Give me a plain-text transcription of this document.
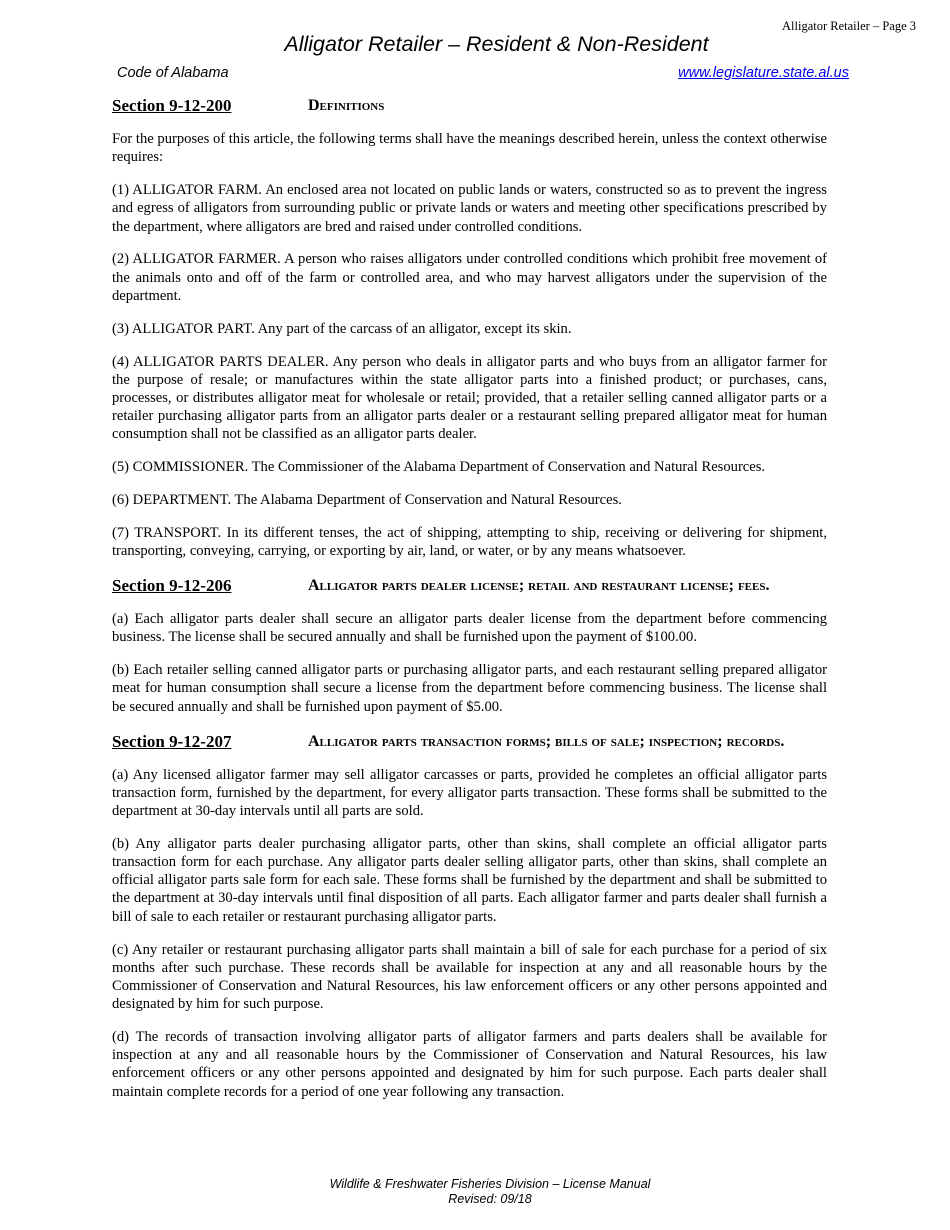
Alligator Retailer – Page 3
Alligator Retailer – Resident & Non-Resident
Code of Alabama	www.legislature.state.al.us
Section 9-12-200	Definitions

For the purposes of this article, the following terms shall have the meanings described herein, unless the context otherwise requires:

(1) ALLIGATOR FARM. An enclosed area not located on public lands or waters, constructed so as to prevent the ingress and egress of alligators from surrounding public or private lands or waters and meeting other specifications prescribed by the department, where alligators are bred and raised under controlled conditions.

(2) ALLIGATOR FARMER. A person who raises alligators under controlled conditions which prohibit free movement of the animals onto and off of the farm or controlled area, and who may harvest alligators under the supervision of the department.

(3) ALLIGATOR PART. Any part of the carcass of an alligator, except its skin.

(4) ALLIGATOR PARTS DEALER. Any person who deals in alligator parts and who buys from an alligator farmer for the purpose of resale; or manufactures within the state alligator parts into a finished product; or purchases, cans, processes, or distributes alligator meat for wholesale or retail; provided, that a retailer selling canned alligator parts or a retailer purchasing alligator parts from an alligator parts dealer or a restaurant selling prepared alligator meat for human consumption shall not be classified as an alligator parts dealer.

(5) COMMISSIONER. The Commissioner of the Alabama Department of Conservation and Natural Resources.

(6) DEPARTMENT. The Alabama Department of Conservation and Natural Resources.

(7) TRANSPORT. In its different tenses, the act of shipping, attempting to ship, receiving or delivering for shipment, transporting, conveying, carrying, or exporting by air, land, or water, or by any means whatsoever.

Section 9-12-206	Alligator parts dealer license; retail and restaurant license; fees.

(a) Each alligator parts dealer shall secure an alligator parts dealer license from the department before commencing business. The license shall be secured annually and shall be furnished upon the payment of $100.00.

(b) Each retailer selling canned alligator parts or purchasing alligator parts, and each restaurant selling prepared alligator meat for human consumption shall secure a license from the department before commencing business. The license shall be secured annually and shall be furnished upon payment of $5.00.

Section 9-12-207	Alligator parts transaction forms; bills of sale; inspection; records.

(a) Any licensed alligator farmer may sell alligator carcasses or parts, provided he completes an official alligator parts transaction form, furnished by the department, for every alligator parts transaction. These forms shall be submitted to the department at 30-day intervals until all parts are sold.

(b) Any alligator parts dealer purchasing alligator parts, other than skins, shall complete an official alligator parts transaction form for each purchase. Any alligator parts dealer selling alligator parts, other than skins, shall complete an official alligator parts sale form for each sale. These forms shall be furnished by the department and shall be submitted to the department at 30-day intervals until final disposition of all parts. Each alligator farmer and parts dealer shall furnish a bill of sale to each retailer or restaurant purchasing alligator parts.

(c) Any retailer or restaurant purchasing alligator parts shall maintain a bill of sale for each purchase for a period of six months after such purchase. These records shall be available for inspection at any and all reasonable hours by the Commissioner of Conservation and Natural Resources, his law enforcement officers or any other persons appointed and designated by him for such purpose.

(d) The records of transaction involving alligator parts of alligator farmers and parts dealers shall be available for inspection at any and all reasonable hours by the Commissioner of Conservation and Natural Resources, his law enforcement officers or any other persons appointed and designated by him for such purpose. Each parts dealer shall maintain complete records for a period of one year following any transaction.

Wildlife & Freshwater Fisheries Division – License Manual
Revised: 09/18
